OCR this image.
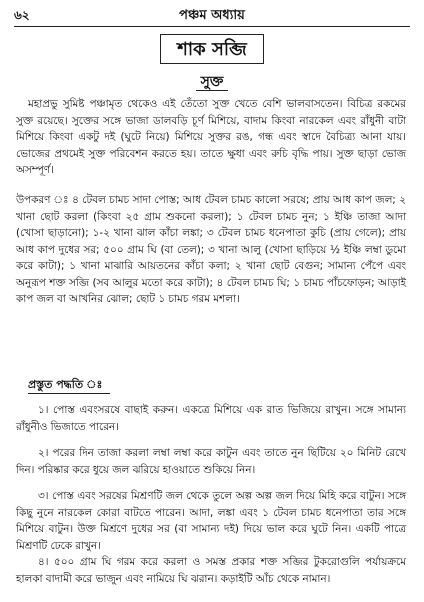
৬২	পঞ্চম অধ্যায়
শাক সব্জি
সুক্ত

মহাপ্রভু সুমিষ্ট পঞ্চামৃত থেকেও এই তেঁতো সুক্ত খেতে বেশি ভালবাসতেন। বিচিত্র রকমের সুক্ত রয়েছে। সুক্তের সঙ্গে ভাজা ডালবড়ি চূর্ণ মিশিয়ে, বাদাম কিংবা নারকেল এবং রাঁধুনী বাটা মিশিয়ে কিংবা একটু দই (ঘুটে নিয়ে) মিশিয়ে সুক্তর রঙ, গন্ধ এবং স্বাদে বৈচিত্র্য আনা যায়। ভোজের প্রথমেই সুক্ত পরিবেশন করতে হয়। তাতে ক্ষুধা এবং রুচি বৃদ্ধি পায়। সুক্ত ছাড়া ভোজ অসম্পূর্ণ।

উপকরণ ঃ ৪ টেবল চামচ সাদা পোস্ত; আধ টেবল চামচ কালো সরষে; প্রায় আধ কাপ জল; ২ খানা ছোট করলা (কিংবা ২৫ গ্রাম শুকনো করলা); ১ টেবল চামচ নুন; ১ ইঞ্চি তাজা আদা (খোসা ছাড়ানো); ১-২ খানা ঝাল কাঁচা লঙ্কা; ৩ টেবল চামচ ধনেপাতা কুচি (প্রায় গেলে); প্রায় আধ কাপ দুধের সর; ৫০০ গ্রাম ঘি (বা তেল); ৩ খানা আলু (খোসা ছাড়িয়ে ½ ইঞ্চি লম্বা ডুমো করে কাটা); ১ খানা মাঝারি আয়তনের কাঁচা কলা; ২ খানা ছোট বেগুন; সামান্য পেঁপে এবং অনুরূপ শক্ত সব্জি (সব আলুর মতো করে কাটা); ৪ টেবল চামচ ঘি; ১ চামচ পাঁচফোড়ন; আড়াই কাপ জল বা আখনির ঝোল; ছোট ১ চামচ গরম মশলা।

প্রস্তুত পদ্ধতি ঃ

১। পোস্ত এবংসরষে বাছাই করুন। একত্রে মিশিয়ে এক রাত ভিজিয়ে রাখুন। সঙ্গে সামান্য রাঁধুনীও ভিজাতে পারেন।

২। পরের দিন তাজা করলা লম্বা লম্বা করে কাটুন এবং তাতে নুন ছিটিয়ে ২০ মিনিট রেখে দিন। পরিষ্কার করে ধুয়ে জল ঝরিয়ে হাওয়াতে শুকিয়ে নিন।

৩। পোস্ত এবং সরষের মিশ্রণটি জল থেকে তুলে অল্প অল্প জল দিয়ে মিহি করে বাটুন। সঙ্গে কিছু নুনে নারকেল কোরা বাটতে পারেন। আদা, লঙ্কা এবং ১ টেবল চামচ ধনেপাতা তার সঙ্গে মিশিয়ে বাটুন। উক্ত মিশ্রণে দুধের সর (বা সামান্য দই) দিয়ে ভাল করে ঘুটে নিন। একটি পাত্রে মিশ্রণটি ঢেকে রাখুন।

৪। ৫০০ গ্রাম ঘি গরম করে করলা ও সমস্ত প্রকার শক্ত সব্জির টুকরোগুলি পর্যায়ক্রমে হালকা বাদামী করে ভাজুন এবং নামিয়ে ঘি ঝরান। কড়াইটি আঁচ থেকে নামান।
